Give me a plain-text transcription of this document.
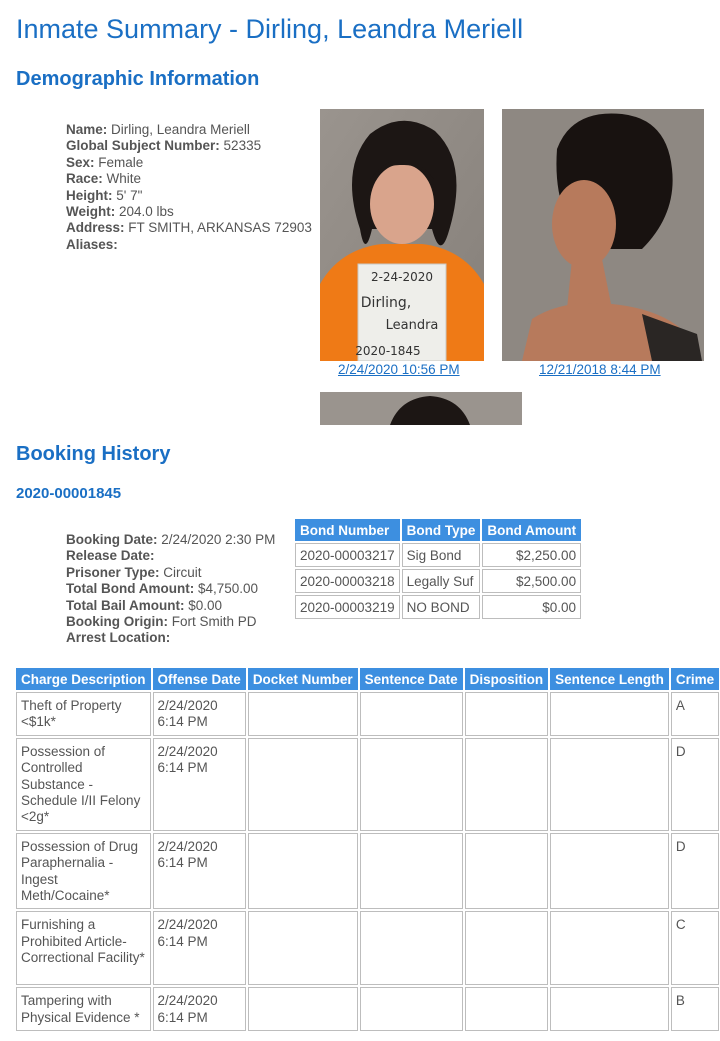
Inmate Summary - Dirling, Leandra Meriell
Demographic Information
Name: Dirling, Leandra Meriell
Global Subject Number: 52335
Sex: Female
Race: White
Height: 5' 7"
Weight: 204.0 lbs
Address: FT SMITH, ARKANSAS 72903
Aliases:
2-24-2020
Dirling,
Leandra
2020-1845
2/24/2020 10:56 PM	12/21/2018 8:44 PM
Booking History
2020-00001845
Booking Date: 2/24/2020 2:30 PM
Release Date:
Prisoner Type: Circuit
Total Bond Amount: $4,750.00
Total Bail Amount: $0.00
Booking Origin: Fort Smith PD
Arrest Location:
Bond Number	Bond Type	Bond Amount
2020-00003217	Sig Bond	$2,250.00
2020-00003218	Legally Suf	$2,500.00
2020-00003219	NO BOND	$0.00
Charge Description	Offense Date	Docket Number	Sentence Date	Disposition	Sentence Length	Crime
Theft of Property <$1k*	2/24/2020 6:14 PM					A
Possession of Controlled Substance - Schedule I/II Felony <2g*	2/24/2020 6:14 PM					D
Possession of Drug Paraphernalia - Ingest Meth/Cocaine*	2/24/2020 6:14 PM					D
Furnishing a Prohibited Article- Correctional Facility*	2/24/2020 6:14 PM					C
Tampering with Physical Evidence *	2/24/2020 6:14 PM					B
